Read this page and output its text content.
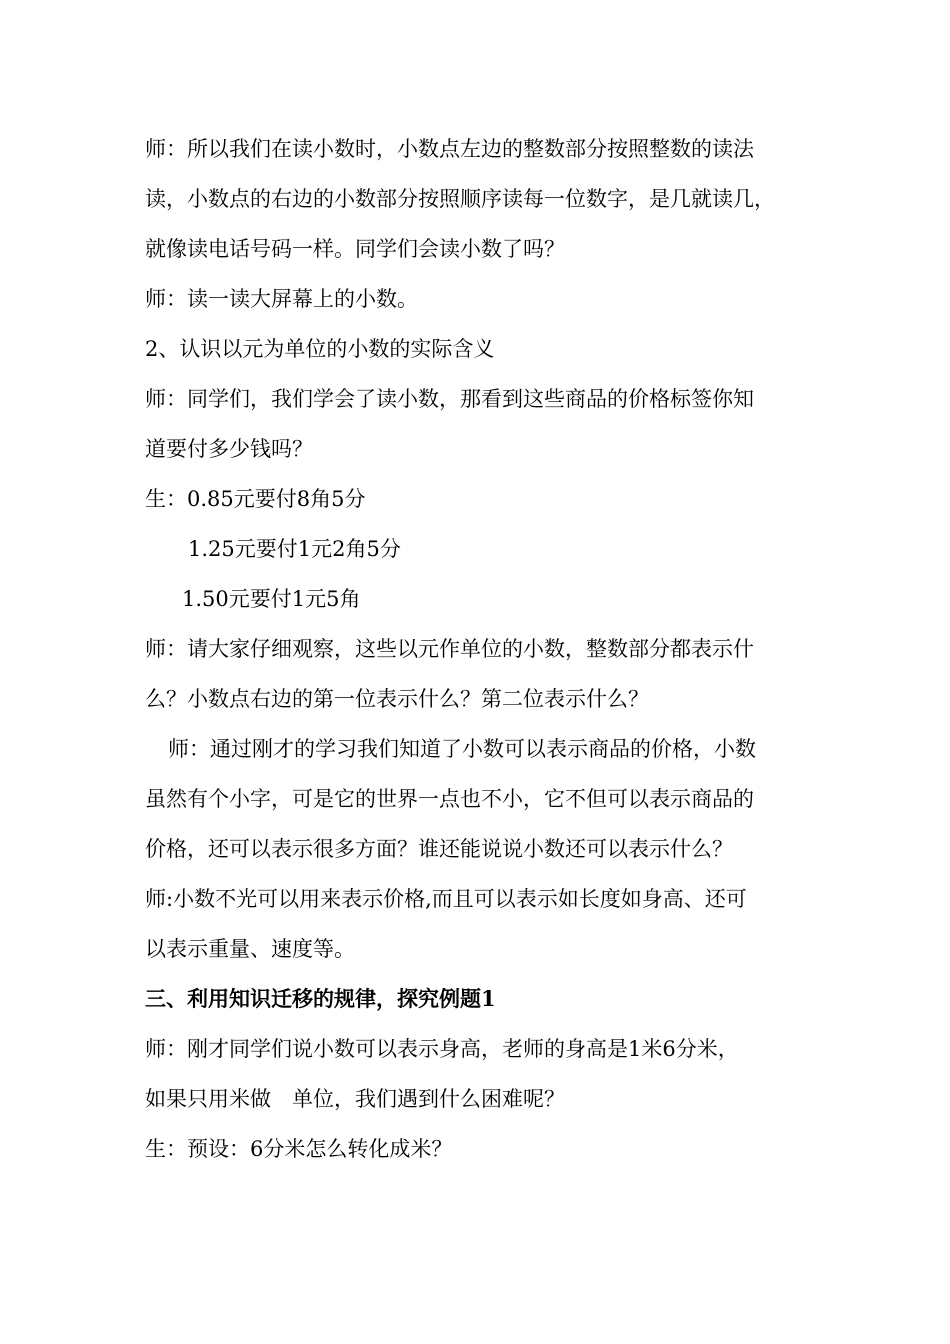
师：所以我们在读小数时，小数点左边的整数部分按照整数的读法
读，小数点的右边的小数部分按照顺序读每一位数字，是几就读几，
就像读电话号码一样。同学们会读小数了吗？
师：读一读大屏幕上的小数。
2、认识以元为单位的小数的实际含义
师：同学们，我们学会了读小数，那看到这些商品的价格标签你知
道要付多少钱吗？
生：0.85元要付8角5分
1.25元要付1元2角5分
1.50元要付1元5角
师：请大家仔细观察，这些以元作单位的小数，整数部分都表示什
么？小数点右边的第一位表示什么？第二位表示什么？
师：通过刚才的学习我们知道了小数可以表示商品的价格，小数
虽然有个小字，可是它的世界一点也不小，它不但可以表示商品的
价格，还可以表示很多方面？谁还能说说小数还可以表示什么？
师:小数不光可以用来表示价格,而且可以表示如长度如身高、还可
以表示重量、速度等。
三、利用知识迁移的规律，探究例题1
师：刚才同学们说小数可以表示身高，老师的身高是1米6分米，
如果只用米做　单位，我们遇到什么困难呢？
生：预设：6分米怎么转化成米？
